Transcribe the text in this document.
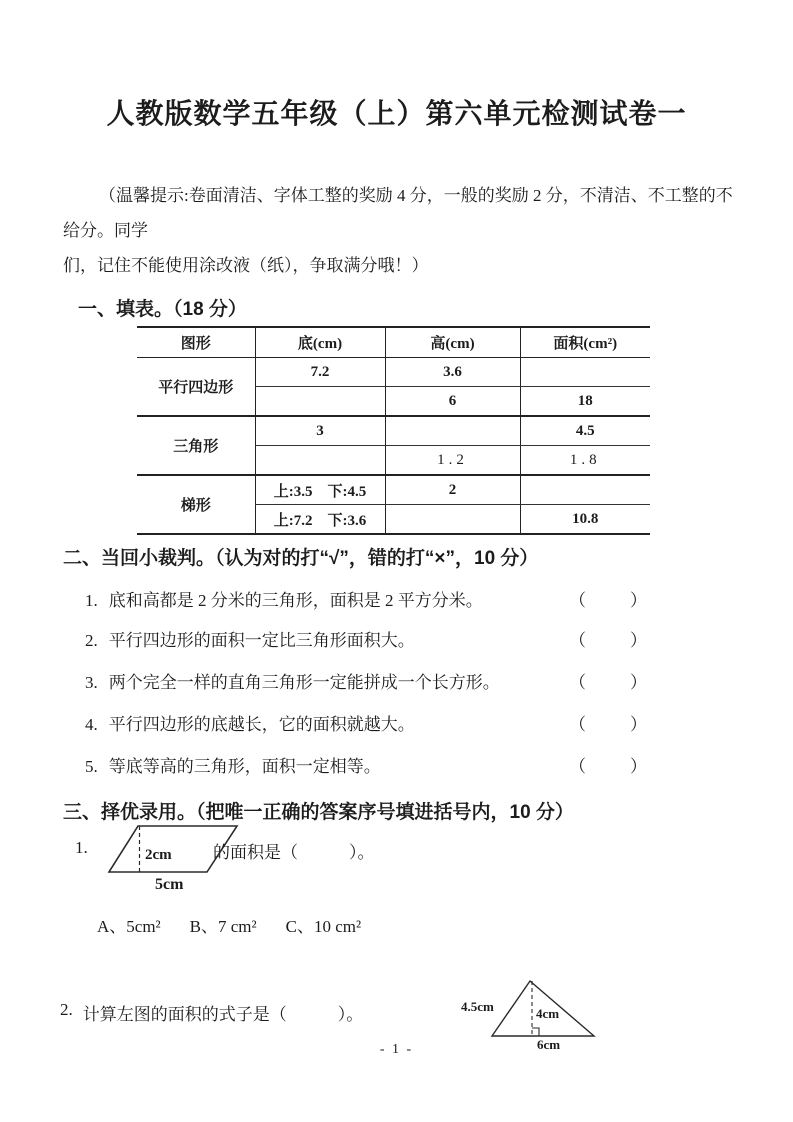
人教版数学五年级（上）第六单元检测试卷一
（温馨提示:卷面清洁、字体工整的奖励 4 分，一般的奖励 2 分，不清洁、不工整的不给分。同学
们，记住不能使用涂改液（纸），争取满分哦！）
一、填表。（18 分）
图形	底(cm)	高(cm)	面积(cm²)
平行四边形	7.2	3.6	
		6	18
三角形	3		4.5
		1.2	1.8
梯形	上:3.5　下:4.5	2	
	上:7.2　下:3.6		10.8
二、当回小裁判。（认为对的打“√”，错的打“×”，10 分）
1. 底和高都是 2 分米的三角形，面积是 2 平方分米。	（	）
2. 平行四边形的面积一定比三角形面积大。	（	）
3. 两个完全一样的直角三角形一定能拼成一个长方形。	（	）
4. 平行四边形的底越长，它的面积就越大。	（	）
5. 等底等高的三角形，面积一定相等。	（	）
三、择优录用。（把唯一正确的答案序号填进括号内，10 分）
1.	2cm
5cm
的面积是（　　　）。
A、5cm² B、7 cm² C、10 cm²
2. 计算左图的面积的式子是（　　　）。	4.5cm	4cm
6cm
- 1 -
